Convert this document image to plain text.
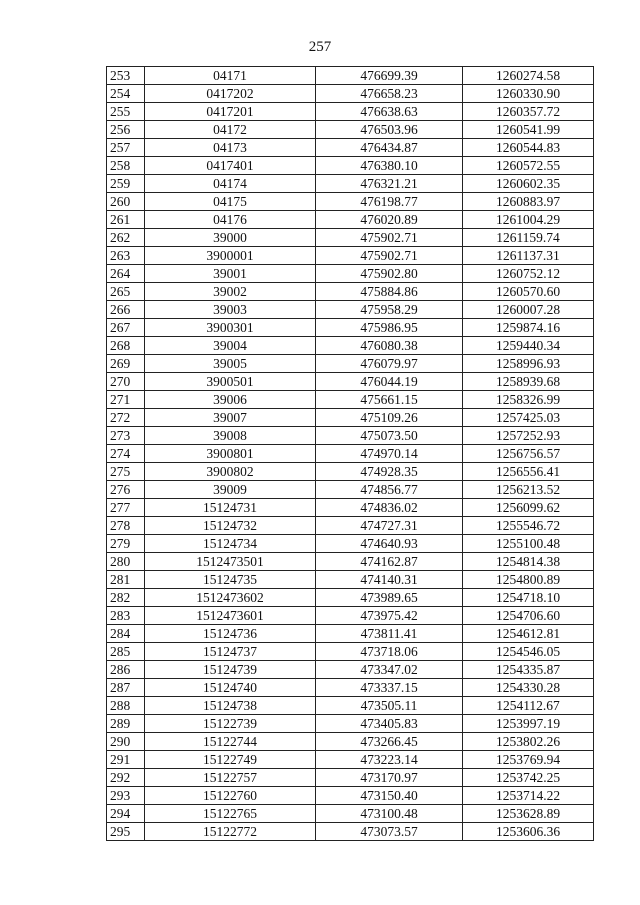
257
253	04171	476699.39	1260274.58
254	0417202	476658.23	1260330.90
255	0417201	476638.63	1260357.72
256	04172	476503.96	1260541.99
257	04173	476434.87	1260544.83
258	0417401	476380.10	1260572.55
259	04174	476321.21	1260602.35
260	04175	476198.77	1260883.97
261	04176	476020.89	1261004.29
262	39000	475902.71	1261159.74
263	3900001	475902.71	1261137.31
264	39001	475902.80	1260752.12
265	39002	475884.86	1260570.60
266	39003	475958.29	1260007.28
267	3900301	475986.95	1259874.16
268	39004	476080.38	1259440.34
269	39005	476079.97	1258996.93
270	3900501	476044.19	1258939.68
271	39006	475661.15	1258326.99
272	39007	475109.26	1257425.03
273	39008	475073.50	1257252.93
274	3900801	474970.14	1256756.57
275	3900802	474928.35	1256556.41
276	39009	474856.77	1256213.52
277	15124731	474836.02	1256099.62
278	15124732	474727.31	1255546.72
279	15124734	474640.93	1255100.48
280	1512473501	474162.87	1254814.38
281	15124735	474140.31	1254800.89
282	1512473602	473989.65	1254718.10
283	1512473601	473975.42	1254706.60
284	15124736	473811.41	1254612.81
285	15124737	473718.06	1254546.05
286	15124739	473347.02	1254335.87
287	15124740	473337.15	1254330.28
288	15124738	473505.11	1254112.67
289	15122739	473405.83	1253997.19
290	15122744	473266.45	1253802.26
291	15122749	473223.14	1253769.94
292	15122757	473170.97	1253742.25
293	15122760	473150.40	1253714.22
294	15122765	473100.48	1253628.89
295	15122772	473073.57	1253606.36
